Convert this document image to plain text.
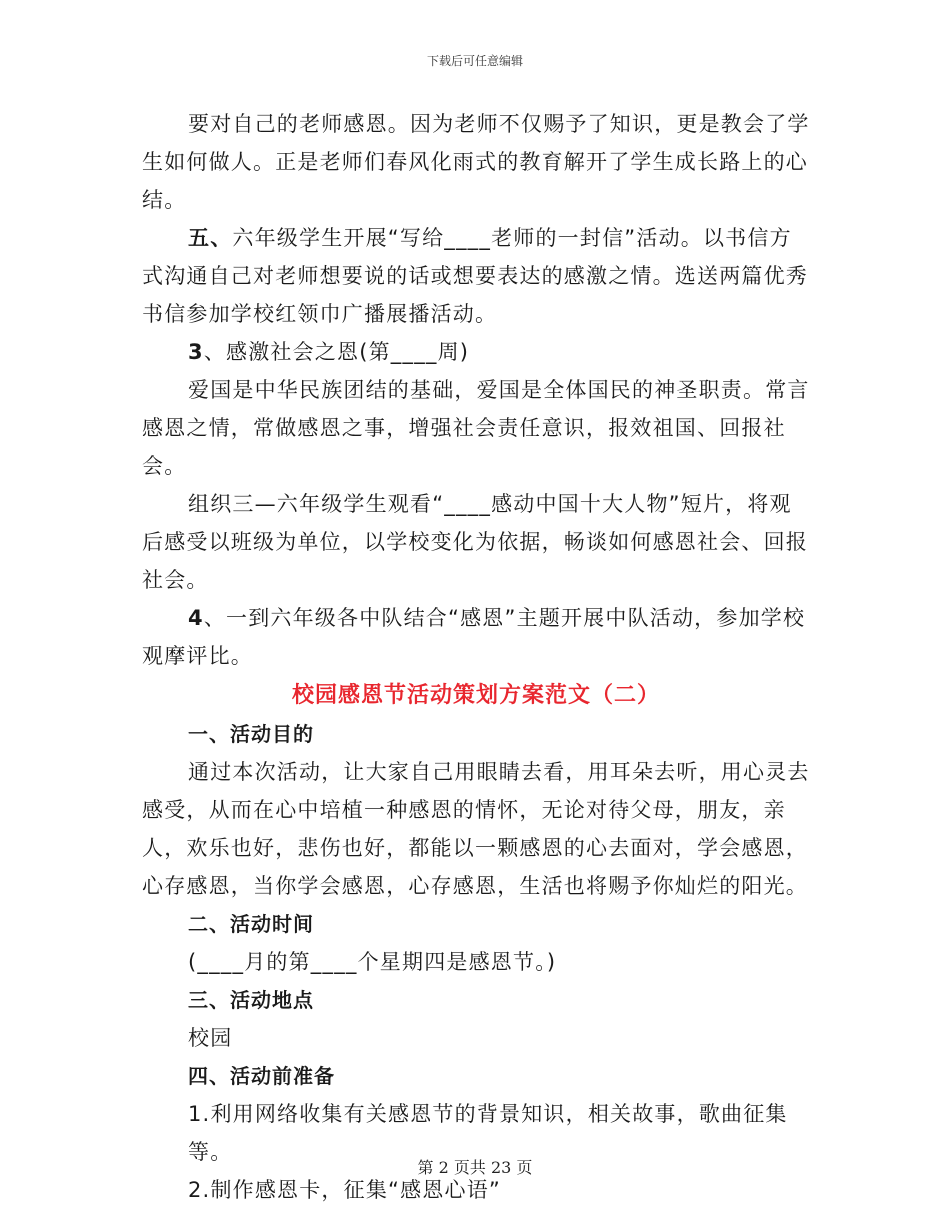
下载后可任意编辑

要对自己的老师感恩。因为老师不仅赐予了知识，更是教会了学生如何做人。正是老师们春风化雨式的教育解开了学生成长路上的心结。

五、六年级学生开展“写给____老师的一封信”活动。以书信方式沟通自己对老师想要说的话或想要表达的感激之情。选送两篇优秀书信参加学校红领巾广播展播活动。

3、感激社会之恩(第____周)

爱国是中华民族团结的基础，爱国是全体国民的神圣职责。常言感恩之情，常做感恩之事，增强社会责任意识，报效祖国、回报社会。

组织三—六年级学生观看“____感动中国十大人物”短片，将观后感受以班级为单位，以学校变化为依据，畅谈如何感恩社会、回报社会。

4、一到六年级各中队结合“感恩”主题开展中队活动，参加学校观摩评比。

校园感恩节活动策划方案范文（二）
一、活动目的

通过本次活动，让大家自己用眼睛去看，用耳朵去听，用心灵去感受，从而在心中培植一种感恩的情怀，无论对待父母，朋友，亲人，欢乐也好，悲伤也好，都能以一颗感恩的心去面对，学会感恩，心存感恩，当你学会感恩，心存感恩，生活也将赐予你灿烂的阳光。

二、活动时间

(____月的第____个星期四是感恩节。)

三、活动地点

校园

四、活动前准备

1.利用网络收集有关感恩节的背景知识，相关故事，歌曲征集等。

2.制作感恩卡，征集“感恩心语”

第 2 页共 23 页
